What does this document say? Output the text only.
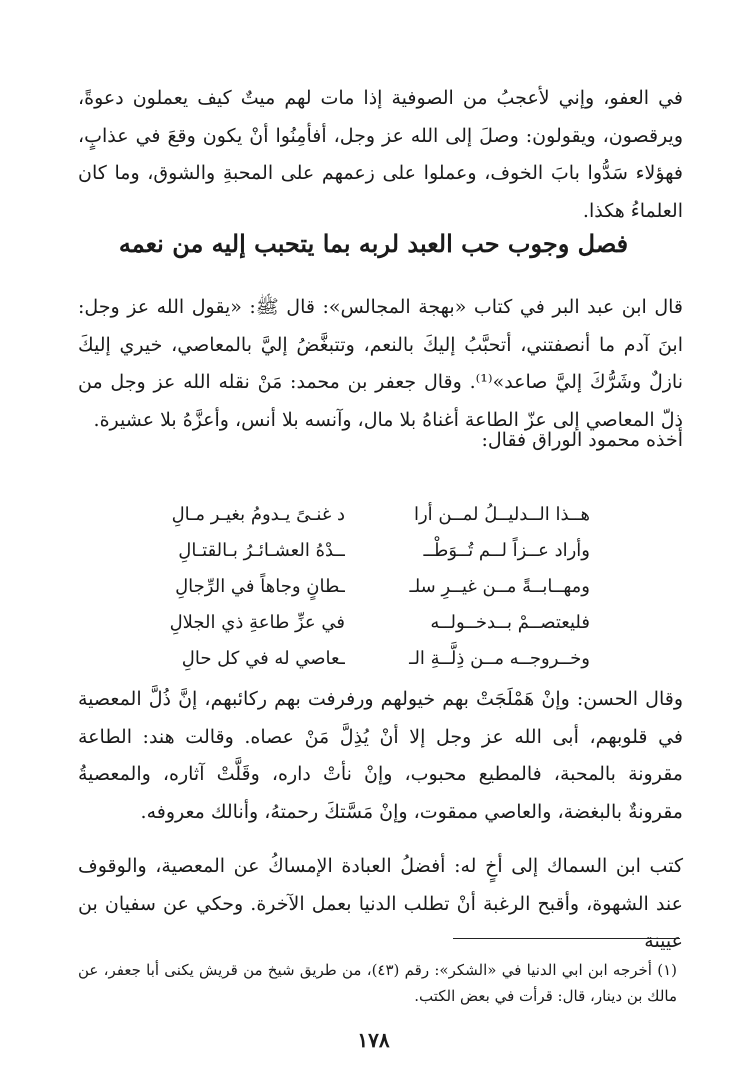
في العفو، وإني لأعجبُ من الصوفية إذا مات لهم ميتٌ كيف يعملون دعوةً، ويرقصون، ويقولون: وصلَ إلى الله عز وجل، أفأمِنُوا أنْ يكون وقعَ في عذابٍ، فهؤلاء سَدُّوا بابَ الخوف، وعملوا على زعمهم على المحبةِ والشوق، وما كان العلماءُ هكذا.

فصل وجوب حب العبد لربه بما يتحبب إليه من نعمه

قال ابن عبد البر في كتاب «بهجة المجالس»: قال ﷺ: «يقول الله عز وجل: ابنَ آدم ما أنصفتني، أتحبَّبُ إليكَ بالنعم، وتتبغَّضُ إليَّ بالمعاصي، خيري إليكَ نازلٌ وشَرُّكَ إليَّ صاعد»⁽¹⁾. وقال جعفر بن محمد: مَنْ نقله الله عز وجل من ذلّ المعاصي إلى عزّ الطاعة أغناهُ بلا مال، وآنسه بلا أنس، وأعزَّهُ بلا عشيرة.

أخذه محمود الوراق فقال:

هــذا الــدليــلُ لمــن أرا
د غنـىً يـدومُ بغيـر مـالِ
وأراد عــزاً لــم تُــوَطْــ
ــدْهُ العشـائـرُ بـالقتـالِ
ومهــابــةً مــن غيــرِ سلـ
ـطانٍ وجاهاً في الرِّجالِ
فليعتصــمْ بــدخــولــه
في عزِّ طاعةِ ذي الجلالِ
وخــروجــه مــن ذِلَّــةِ الـ
ـعاصي له في كل حالِ

وقال الحسن: وإنْ هَمْلَجَتْ بهم خيولهم ورفرفت بهم ركائبهم، إنَّ ذُلَّ المعصية في قلوبهم، أبى الله عز وجل إلا أنْ يُذِلَّ مَنْ عصاه. وقالت هند: الطاعة مقرونة بالمحبة، فالمطيع محبوب، وإنْ نأتْ داره، وقَلَّتْ آثاره، والمعصيةُ مقرونةٌ بالبغضة، والعاصي ممقوت، وإنْ مَسَّتكَ رحمتهُ، وأنالك معروفه.

كتب ابن السماك إلى أخٍ له: أفضلُ العبادة الإمساكُ عن المعصية، والوقوف عند الشهوة، وأقبح الرغبة أنْ تطلب الدنيا بعمل الآخرة. وحكي عن سفيان بن عيينة

(١) أخرجه ابن ابي الدنيا في «الشكر»: رقم (٤٣)، من طريق شيخ من قريش يكنى أبا جعفر، عن مالك بن دينار، قال: قرأت في بعض الكتب.

١٧٨
